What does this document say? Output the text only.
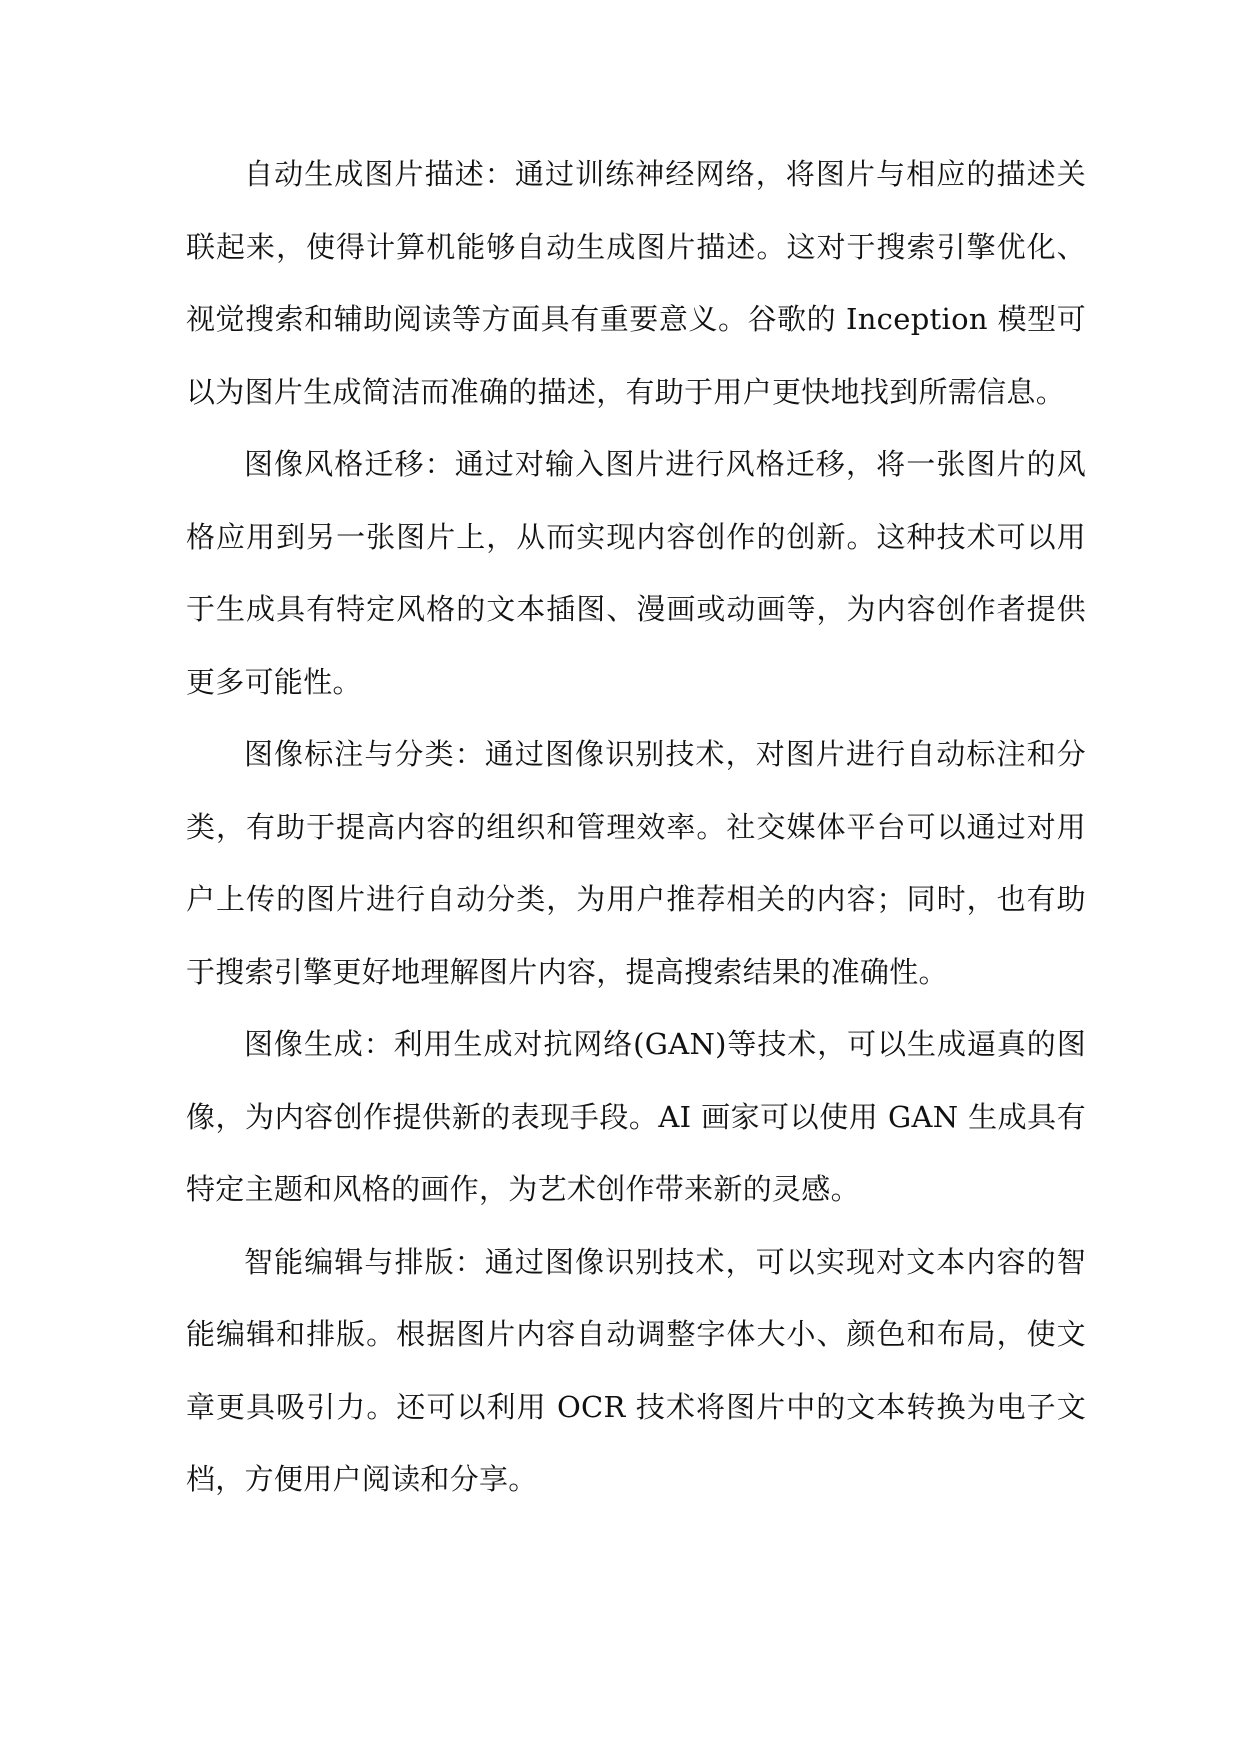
自动生成图片描述：通过训练神经网络，将图片与相应的描述关联起来，使得计算机能够自动生成图片描述。这对于搜索引擎优化、视觉搜索和辅助阅读等方面具有重要意义。谷歌的 Inception 模型可以为图片生成简洁而准确的描述，有助于用户更快地找到所需信息。

图像风格迁移：通过对输入图片进行风格迁移，将一张图片的风格应用到另一张图片上，从而实现内容创作的创新。这种技术可以用于生成具有特定风格的文本插图、漫画或动画等，为内容创作者提供更多可能性。

图像标注与分类：通过图像识别技术，对图片进行自动标注和分类，有助于提高内容的组织和管理效率。社交媒体平台可以通过对用户上传的图片进行自动分类，为用户推荐相关的内容；同时，也有助于搜索引擎更好地理解图片内容，提高搜索结果的准确性。

图像生成：利用生成对抗网络(GAN)等技术，可以生成逼真的图像，为内容创作提供新的表现手段。AI 画家可以使用 GAN 生成具有特定主题和风格的画作，为艺术创作带来新的灵感。

智能编辑与排版：通过图像识别技术，可以实现对文本内容的智能编辑和排版。根据图片内容自动调整字体大小、颜色和布局，使文章更具吸引力。还可以利用 OCR 技术将图片中的文本转换为电子文档，方便用户阅读和分享。
